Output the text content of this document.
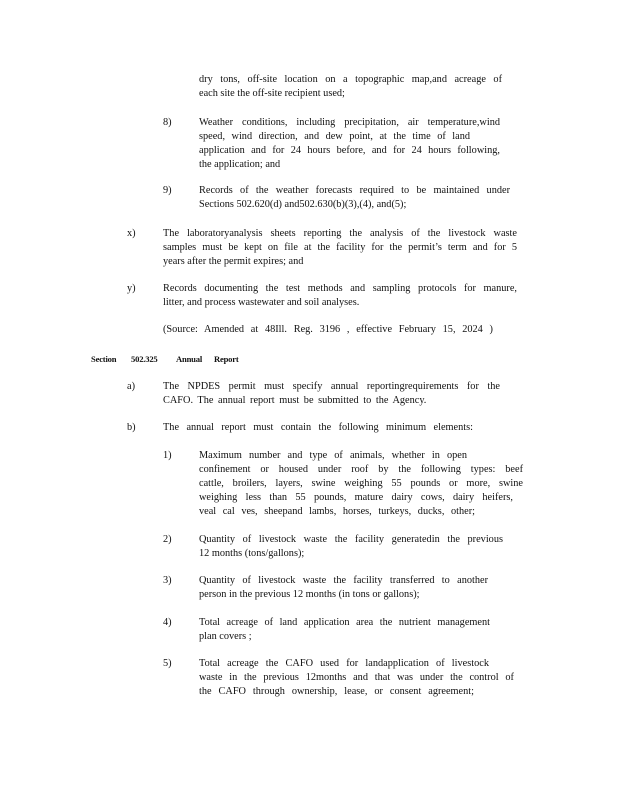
dry tons, off-site location on a topographic map,and acreage of
each site the off-site recipient used;
8)	Weather conditions, including precipitation, air temperature,wind
speed, wind direction, and dew point, at the time of land
application and for 24 hours before, and for 24 hours following,
the application; and
9)	Records of the weather forecasts required to be maintained under
Sections 502.620(d) and502.630(b)(3),(4), and(5);
x)	The laboratoryanalysis sheets reporting the analysis of the livestock waste
samples must be kept on file at the facility for the permit’s term and for 5
years after the permit expires; and
y)	Records documenting the test methods and sampling protocols for manure,
litter, and process wastewater and soil analyses.
(Source: Amended at 48Ill. Reg. 3196 , effective February 15, 2024 )
Section 502.325 Annual Report
a)	The NPDES permit must specify annual reportingrequirements for the
CAFO. The annual report must be submitted to the Agency.
b)	The annual report must contain the following minimum elements:
1)	Maximum number and type of animals, whether in open
confinement or housed under roof by the following types: beef
cattle, broilers, layers, swine weighing 55 pounds or more, swine
weighing less than 55 pounds, mature dairy cows, dairy heifers,
veal cal ves, sheepand lambs, horses, turkeys, ducks, other;
2)	Quantity of livestock waste the facility generatedin the previous
12 months (tons/gallons);
3)	Quantity of livestock waste the facility transferred to another
person in the previous 12 months (in tons or gallons);
4)	Total acreage of land application area the nutrient management
plan covers ;
5)	Total acreage the CAFO used for landapplication of livestock
waste in the previous 12months and that was under the control of
the CAFO through ownership, lease, or consent agreement;
